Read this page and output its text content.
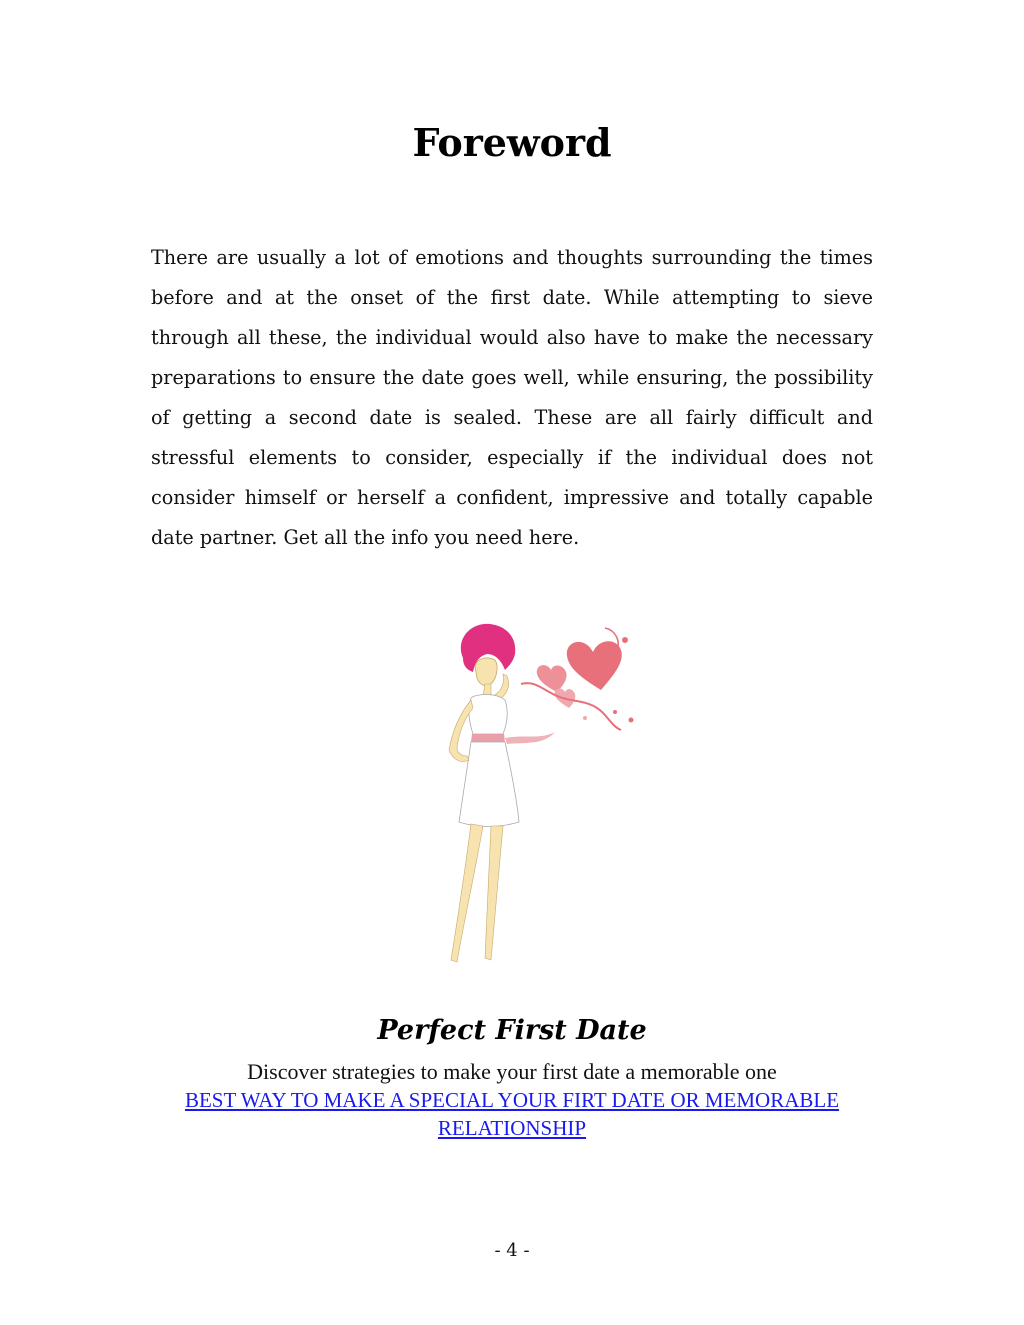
Foreword

There are usually a lot of emotions and thoughts surrounding the times before and at the onset of the first date. While attempting to sieve through all these, the individual would also have to make the necessary preparations to ensure the date goes well, while ensuring, the possibility of getting a second date is sealed. These are all fairly difficult and stressful elements to consider, especially if the individual does not consider himself or herself a confident, impressive and totally capable date partner. Get all the info you need here.

Perfect First Date
Discover strategies to make your first date a memorable one
BEST WAY TO MAKE A SPECIAL YOUR FIRT DATE OR MEMORABLE RELATIONSHIP
- 4 -
